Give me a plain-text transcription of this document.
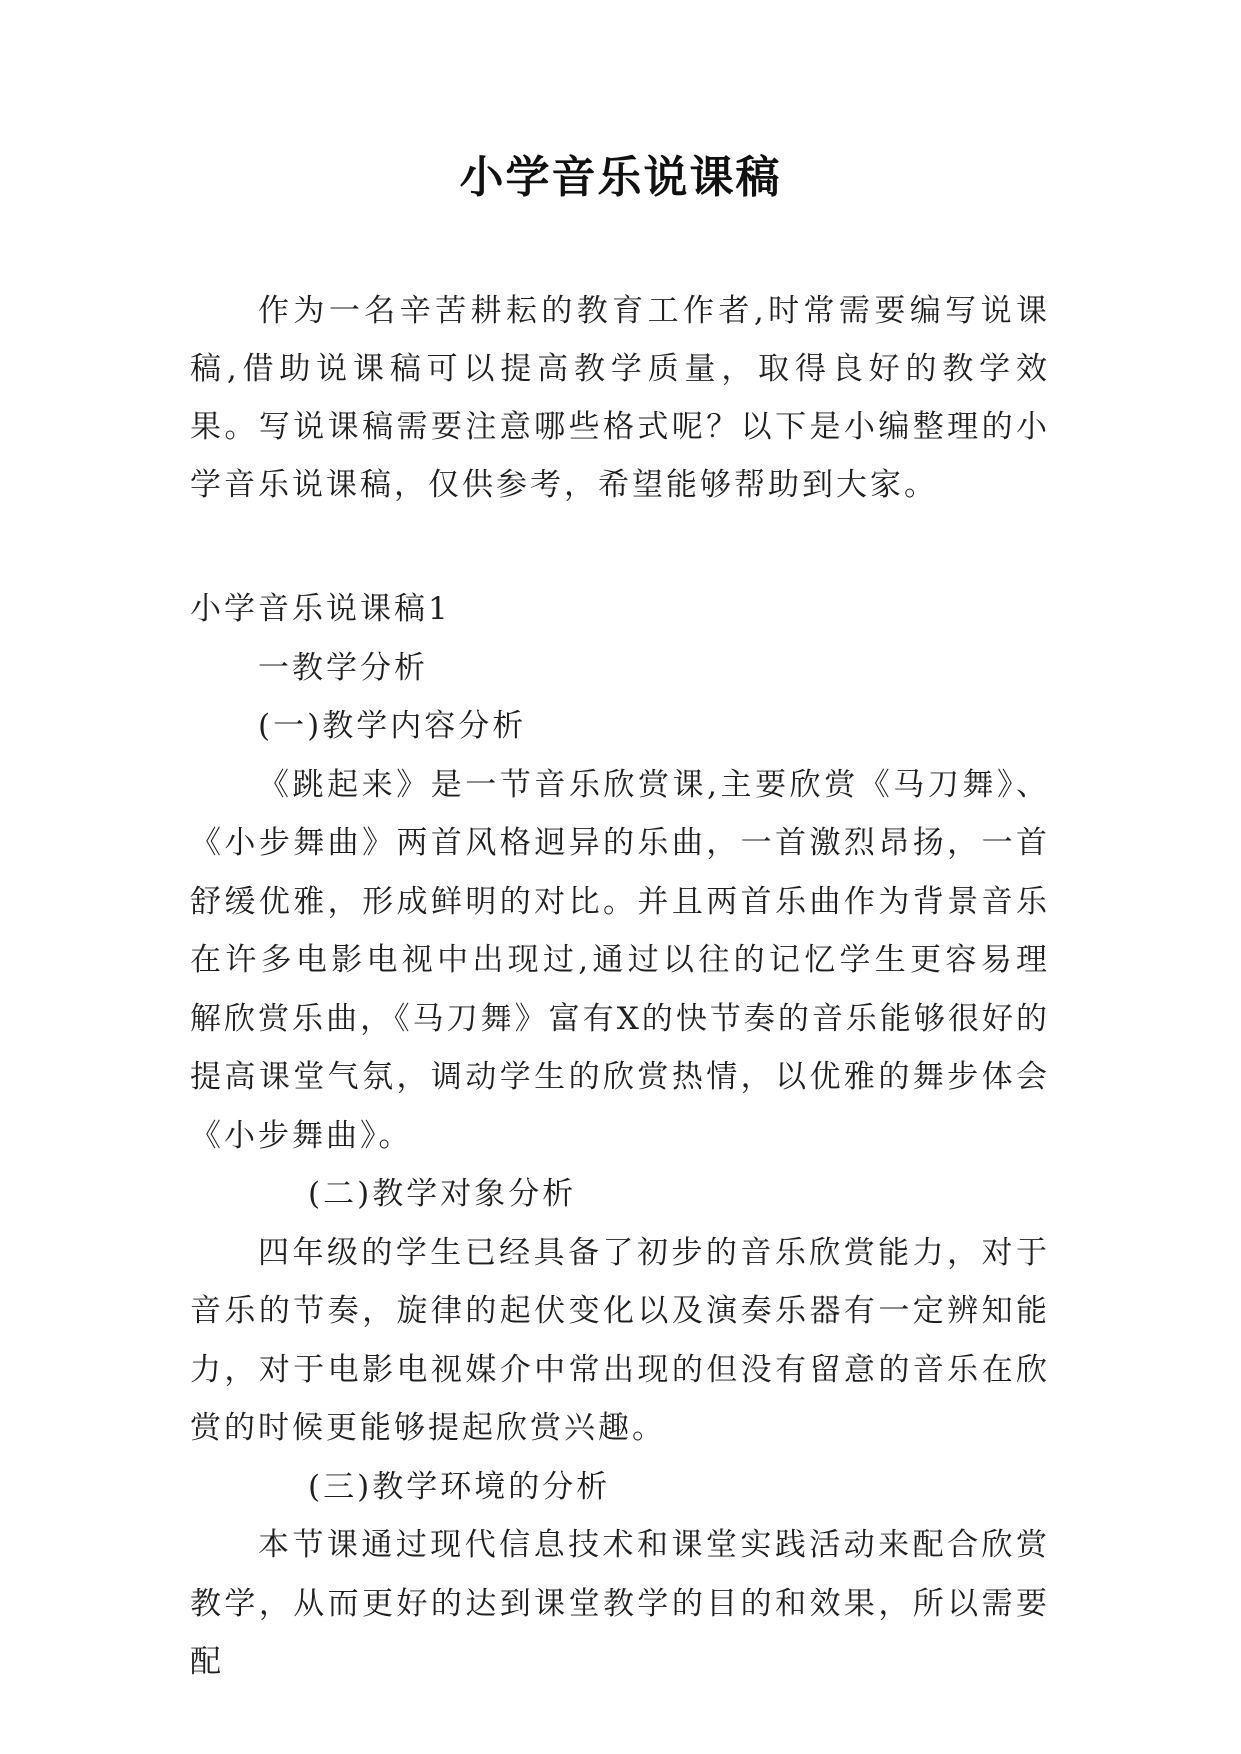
小学音乐说课稿
作为一名辛苦耕耘的教育工作者,时常需要编写说课稿,借助说课稿可以提高教学质量，取得良好的教学效果。写说课稿需要注意哪些格式呢？以下是小编整理的小学音乐说课稿，仅供参考，希望能够帮助到大家。

小学音乐说课稿1

一教学分析

(一)教学内容分析

《跳起来》是一节音乐欣赏课,主要欣赏《马刀舞》、《小步舞曲》两首风格迥异的乐曲，一首激烈昂扬，一首舒缓优雅，形成鲜明的对比。并且两首乐曲作为背景音乐在许多电影电视中出现过,通过以往的记忆学生更容易理解欣赏乐曲，《马刀舞》富有X的快节奏的音乐能够很好的提高课堂气氛，调动学生的欣赏热情，以优雅的舞步体会《小步舞曲》。

(二)教学对象分析

四年级的学生已经具备了初步的音乐欣赏能力，对于音乐的节奏，旋律的起伏变化以及演奏乐器有一定辨知能力，对于电影电视媒介中常出现的但没有留意的音乐在欣赏的时候更能够提起欣赏兴趣。

(三)教学环境的分析

本节课通过现代信息技术和课堂实践活动来配合欣赏教学，从而更好的达到课堂教学的目的和效果，所以需要配
